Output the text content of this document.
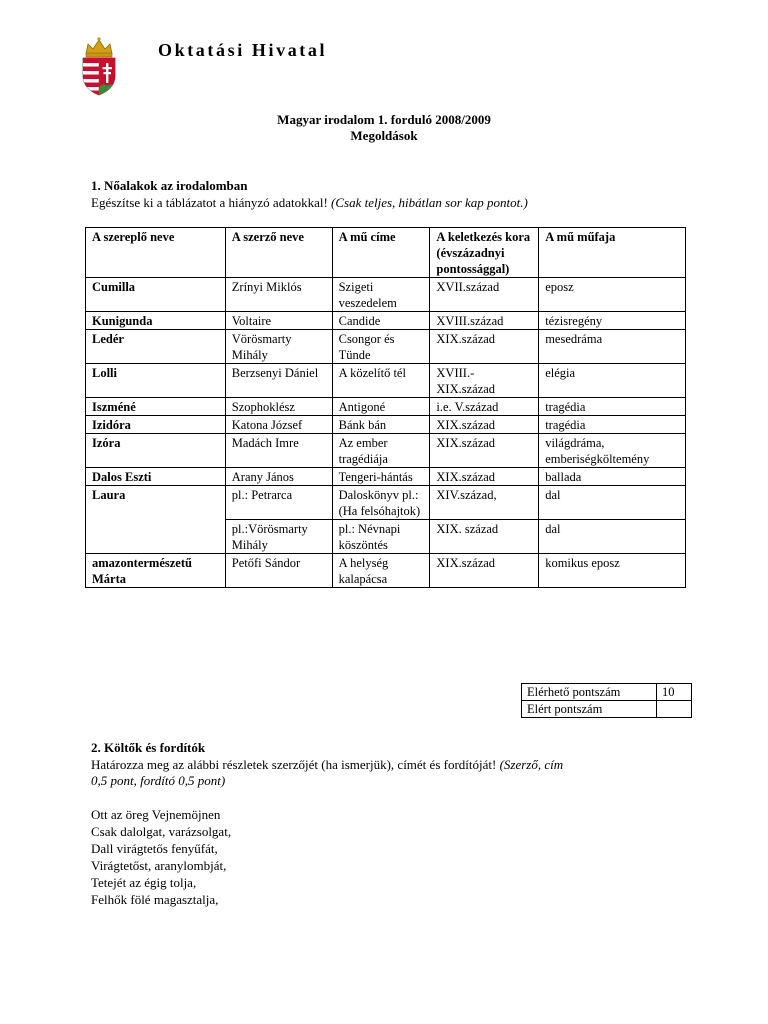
Oktatási Hivatal
Magyar irodalom 1. forduló 2008/2009
Megoldások
1. Nőalakok az irodalomban
Egészítse ki a táblázatot a hiányzó adatokkal! (Csak teljes, hibátlan sor kap pontot.)
A szereplő neve	A szerző neve	A mű címe	A keletkezés kora (évszázadnyi pontossággal)	A mű műfaja
Cumilla	Zrínyi Miklós	Szigeti veszedelem	XVII.század	eposz
Kunigunda	Voltaire	Candide	XVIII.század	tézisregény
Ledér	Vörösmarty Mihály	Csongor és Tünde	XIX.század	mesedráma
Lolli	Berzsenyi Dániel	A közelítő tél	XVIII.- XIX.század	elégia
Iszméné	Szophoklész	Antigoné	i.e. V.század	tragédia
Izidóra	Katona József	Bánk bán	XIX.század	tragédia
Izóra	Madách Imre	Az ember tragédiája	XIX.század	világdráma, emberiségköltemény
Dalos Eszti	Arany János	Tengeri-hántás	XIX.század	ballada
Laura	pl.: Petrarca	Daloskönyv pl.: (Ha felsóhajtok)	XIV.század,	dal
	pl.:Vörösmarty Mihály	pl.: Névnapi köszöntés	XIX. század	dal
amazontermészetű Márta	Petőfi Sándor	A helység kalapácsa	XIX.század	komikus eposz
Elérhető pontszám	10
Elért pontszám	
2. Költők és fordítók
Határozza meg az alábbi részletek szerzőjét (ha ismerjük), címét és fordítóját! (Szerző, cím
0,5 pont, fordító 0,5 pont)
Ott az öreg Vejnemöjnen
Csak dalolgat, varázsolgat,
Dall virágtetős fenyűfát,
Virágtetőst, aranylombját,
Tetejét az égig tolja,
Felhők fölé magasztalja,
